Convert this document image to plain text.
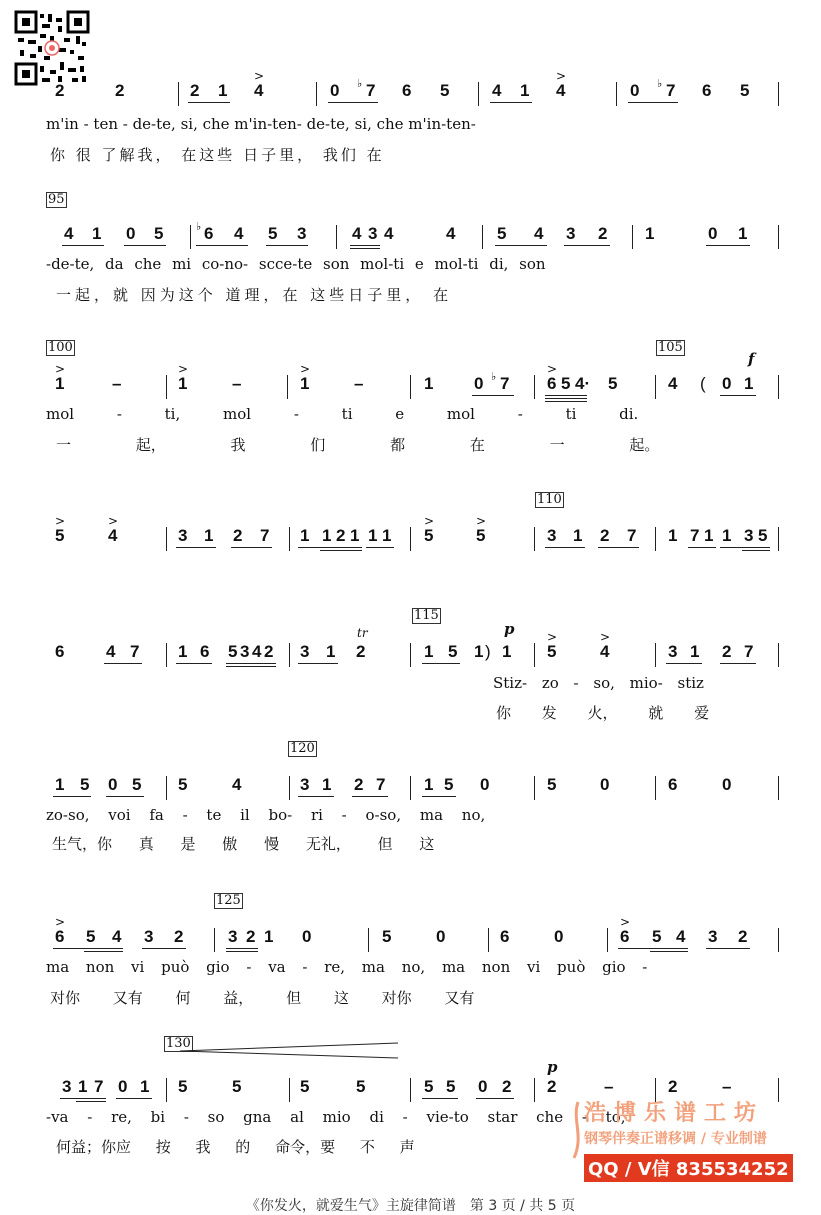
2	2	2 1
>
4	0 ♭ 7 6 5	4 1
>
4	0 ♭ 7 6 5
m'in - ten - de-te, si, che m'in-ten- de-te, si, che m'in-ten-
你 很 了解我， 在这些 日子里， 我们 在
95
4 1 0 5	♭ 6 4 5 3	4 3 4	4 5 4 3 2 1	0 1
-de-te, da che mi co-no- scce-te son mol-ti e mol-ti di, son
一起，就 因为这个 道理，在 这些日子里， 在
100	105
f
>
1	–
>
1	–
>
1	–	1 0 ♭ 7
>
6 5 4· 5	4 ( 0 1
mol - ti, mol - ti e mol - ti di.
一 起， 我 们 都 在 一 起。
110
>
5
>
4	3 1 2 7 1 1 2 1 1 1
>
5
>
5	3 1 2 7 1 7 1 1 3 5
115
tr	p
6 4 7 1 6 5 3 4 2 3 1 2	1 5 1 ) 1
>
5
>
4	3 1 2 7
Stiz- zo - so, mio- stiz
你 发 火， 就 爱
120
1 5 0 5 5	4	3 1 2 7 1 5 0	5	0	6	0
zo-so, voi fa - te il bo- ri - o-so, ma no,
生气，你 真 是 傲 慢 无礼， 但 这
125
>
6 5 4 3 2	3 2 1 0	5	0	6	0
>
6 5 4 3 2
ma non vi può gio - va - re, ma no, ma non vi può gio -
对你 又有 何 益， 但 这 对你 又有
130
p
3 1 7 0 1 5	5	5	5	5 5 0 2 2	–	2	–
-va - re, bi - so gna al mio di - vie-to star che - to,
何益；你应 按 我 的 命令，要 不 声
浩博乐谱工坊
钢琴伴奏正谱移调 / 专业制谱
QQ / V信 835534252
《你发火，就爱生气》主旋律简谱　第 3 页 / 共 5 页
